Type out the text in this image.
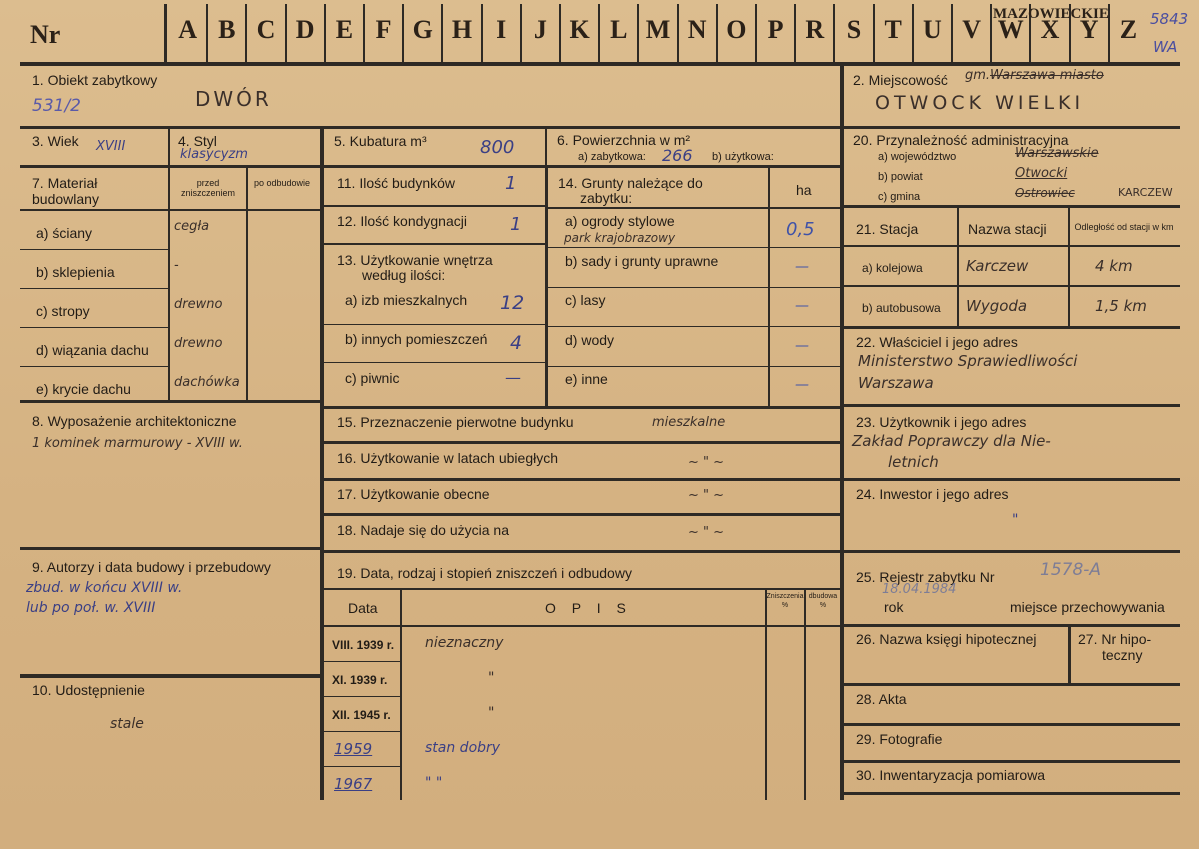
Nr	A B C D E F G H I	J K L M N O P R S T U V W X Y Z
MAZOWIECKIE	5843
WA
1. Obiekt zabytkowy
531/2	DWÓR
2. Miejscowość gm. Warszawa miasto
OTWOCK WIELKI
3. Wiek XVIII	4. Styl
klasycyzm
5. Kubatura m³	800	6. Powierzchnia w m²
a) zabytkowa: 266 b) użytkowa:
20. Przynależność administracyjna
a) województwo	Warszawskie
b) powiat	Otwocki
c) gmina	Ostrowiec	KARCZEW
7. Materiał budowlany
przed zniszczeniem
po odbudowie
a) ściany	cegła
b) sklepienia	-
c) stropy	drewno
d) wiązania dachu drewno
e) krycie dachu	dachówka
11. Ilość budynków	1
12. Ilość kondygnacji 1
13. Użytkowanie wnętrza
według ilości:
a) izb mieszkalnych 12
b) innych pomieszczeń 4
c) piwnic	—
14. Grunty należące do
zabytku:	ha
a) ogrody stylowe
park krajobrazowy	0,5
b) sady i grunty uprawne	—
c) lasy	—
d) wody	—
e) inne	—
21. Stacja	Nazwa stacji	Odległość od stacji w km
a) kolejowa	Karczew	4 km
b) autobusowa Wygoda	1,5 km
22. Właściciel i jego adres
Ministerstwo Sprawiedliwości
Warszawa
8. Wyposażenie architektoniczne
1 kominek marmurowy - XVIII w.
15. Przeznaczenie pierwotne budynku	mieszkalne	23. Użytkownik i jego adres
Zakład Poprawczy dla Nie-
letnich
16. Użytkowanie w latach ubiegłych	~ " ~
17. Użytkowanie obecne	~ " ~	24. Inwestor i jego adres
"
18. Nadaje się do użycia na	~ " ~
9. Autorzy i data budowy i przebudowy
zbud. w końcu XVIII w.
lub po poł. w. XVIII
25. Rejestr zabytku Nr	1578-A
rok
18.04.1984
miejsce przechowywania
19. Data, rodzaj i stopień zniszczeń i odbudowy
Data	O P I S
Zniszczenia %
dbudowa %
VIII. 1939 r. nieznaczny
XI. 1939 r.	"
XII. 1945 r.	"
1959	stan dobry
1967	" "
10. Udostępnienie
stale
26. Nazwa księgi hipotecznej	27. Nr hipo-
teczny
28. Akta
29. Fotografie
30. Inwentaryzacja pomiarowa
